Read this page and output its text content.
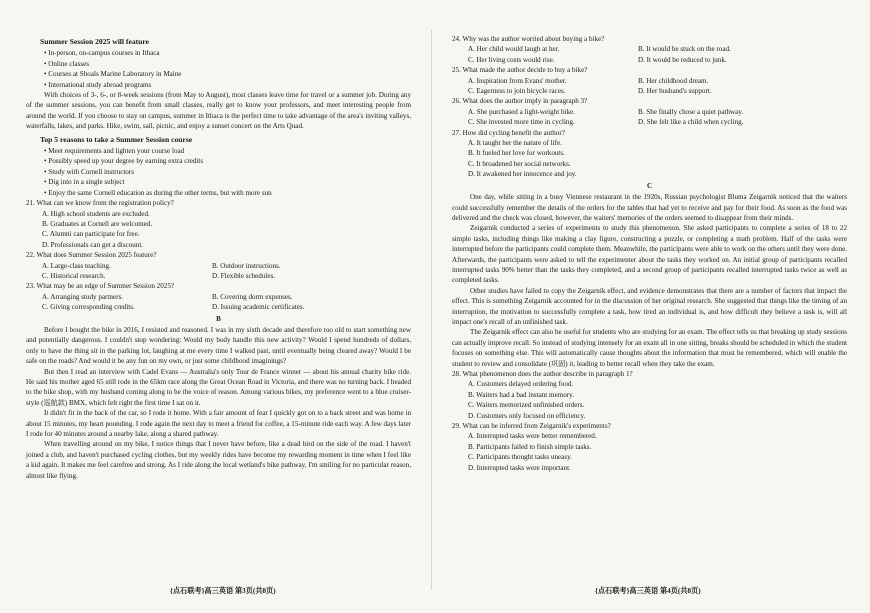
Summer Session 2025 will feature
• In-person, on-campus courses in Ithaca
• Online classes
• Courses at Shoals Marine Laboratory in Maine
• International study abroad programs

With choices of 3-, 6-, or 8-week sessions (from May to August), most classes leave time for travel or a summer job. During any of the summer sessions, you can benefit from small classes, really get to know your professors, and meet interesting people from around the world. If you choose to stay on campus, summer in Ithaca is the perfect time to take advantage of the area's inviting valleys, waterfalls, lakes, and parks. Hike, swim, sail, picnic, and enjoy a sunset concert on the Arts Quad.

Top 5 reasons to take a Summer Session course
• Meet requirements and lighten your course load
• Possibly speed up your degree by earning extra credits
• Study with Cornell instructors
• Dig into in a single subject
• Enjoy the same Cornell education as during the other terms, but with more sun
21. What can we know from the registration policy?
A. High school students are excluded.
B. Graduates at Cornell are welcomed.
C. Alumni can participate for free.
D. Professionals can get a discount.
22. What does Summer Session 2025 feature?
A. Large-class teaching.	B. Outdoor instructions.
C. Historical research.	D. Flexible schedules.
23. What may be an edge of Summer Session 2025?
A. Arranging study partners.	B. Covering dorm expenses.
C. Giving corresponding credits.	D. Issuing academic certificates.
B

Before I bought the bike in 2016, I resisted and reasoned. I was in my sixth decade and therefore too old to start something new and potentially dangerous. I couldn't stop wondering: Would my body handle this new activity? Would I spend hundreds of dollars, only to have the thing sit in the parking lot, laughing at me every time I walked past, until eventually being cleared away? Would I be safe on the roads? And would it be any fun on my own, or just some childhood imaginings?

But then I read an interview with Cadel Evans — Australia's only Tour de France winner — about his annual charity bike ride. He said his mother aged 65 still rode in the 65km race along the Great Ocean Road in Victoria, and there was no turning back. I headed to the bike shop, with my husband coming along to be the voice of reason. Among various bikes, my preference went to a blue cruiser-style (巡航款) BMX, which felt right the first time I sat on it.

It didn't fit in the back of the car, so I rode it home. With a fair amount of fear I quickly got on to a back street and was home in about 15 minutes, my heart pounding. I rode again the next day to meet a friend for coffee, a 15-minute ride each way. A few days later I rode for 40 minutes around a nearby lake, along a shared pathway.

When travelling around on my bike, I notice things that I never have before, like a dead bird on the side of the road. I haven't joined a club, and haven't purchased cycling clothes, but my weekly rides have become my rewarding moment in time when I feel like a kid again. It makes me feel carefree and strong. As I ride along the local wetland's bike pathway, I'm smiling for no particular reason, almost like flying.

24. Why was the author worried about buying a bike?
A. Her child would laugh at her.	B. It would be stuck on the road.
C. Her living costs would rise.	D. It would be reduced to junk.
25. What made the author decide to buy a bike?
A. Inspiration from Evans' mother.	B. Her childhood dream.
C. Eagerness to join bicycle races.	D. Her husband's support.
26. What does the author imply in paragraph 3?
A. She purchased a light-weight bike.	B. She finally chose a quiet pathway.
C. She invested more time in cycling.	D. She felt like a child when cycling.
27. How did cycling benefit the author?
A. It taught her the nature of life.
B. It fueled her love for workouts.
C. It broadened her social networks.
D. It awakened her innocence and joy.
C

One day, while sitting in a busy Viennese restaurant in the 1920s, Russian psychologist Bluma Zeigarnik noticed that the waiters could successfully remember the details of the orders for the tables that had yet to receive and pay for their food. As soon as the food was delivered and the check was closed, however, the waiters' memories of the orders seemed to disappear from their minds.

Zeigarnik conducted a series of experiments to study this phenomenon. She asked participants to complete a series of 18 to 22 simple tasks, including things like making a clay figure, constructing a puzzle, or completing a math problem. Half of the tasks were interrupted before the participants could complete them. Meanwhile, the participants were able to work on the others until they were done. Afterwards, the participants were asked to tell the experimenter about the tasks they worked on. An initial group of participants recalled interrupted tasks 90% better than the tasks they completed, and a second group of participants recalled interrupted tasks twice as well as completed tasks.

Other studies have failed to copy the Zeigarnik effect, and evidence demonstrates that there are a number of factors that impact the effect. This is something Zeigarnik accounted for in the discussion of her original research. She suggested that things like the timing of an interruption, the motivation to successfully complete a task, how tired an individual is, and how difficult they believe a task is, will all impact one's recall of an unfinished task.

The Zeigarnik effect can also be useful for students who are studying for an exam. The effect tells us that breaking up study sessions can actually improve recall. So instead of studying intensely for an exam all in one sitting, breaks should be scheduled in which the student focuses on something else. This will automatically cause thoughts about the information that must be remembered, which will enable the student to review and consolidate (巩固) it, leading to better recall when they take the exam.

28. What phenomenon does the author describe in paragraph 1?
A. Customers delayed ordering food.
B. Waiters had a bad instant memory.
C. Waiters memorized unfinished orders.
D. Customers only focused on efficiency.
29. What can be inferred from Zeigarnik's experiments?
A. Interrupted tasks were better remembered.
B. Participants failed to finish simple tasks.
C. Participants thought tasks uneasy.
D. Interrupted tasks were important.
{点石联考}高三英语 第3页(共8页)	{点石联考}高三英语 第4页(共8页)
